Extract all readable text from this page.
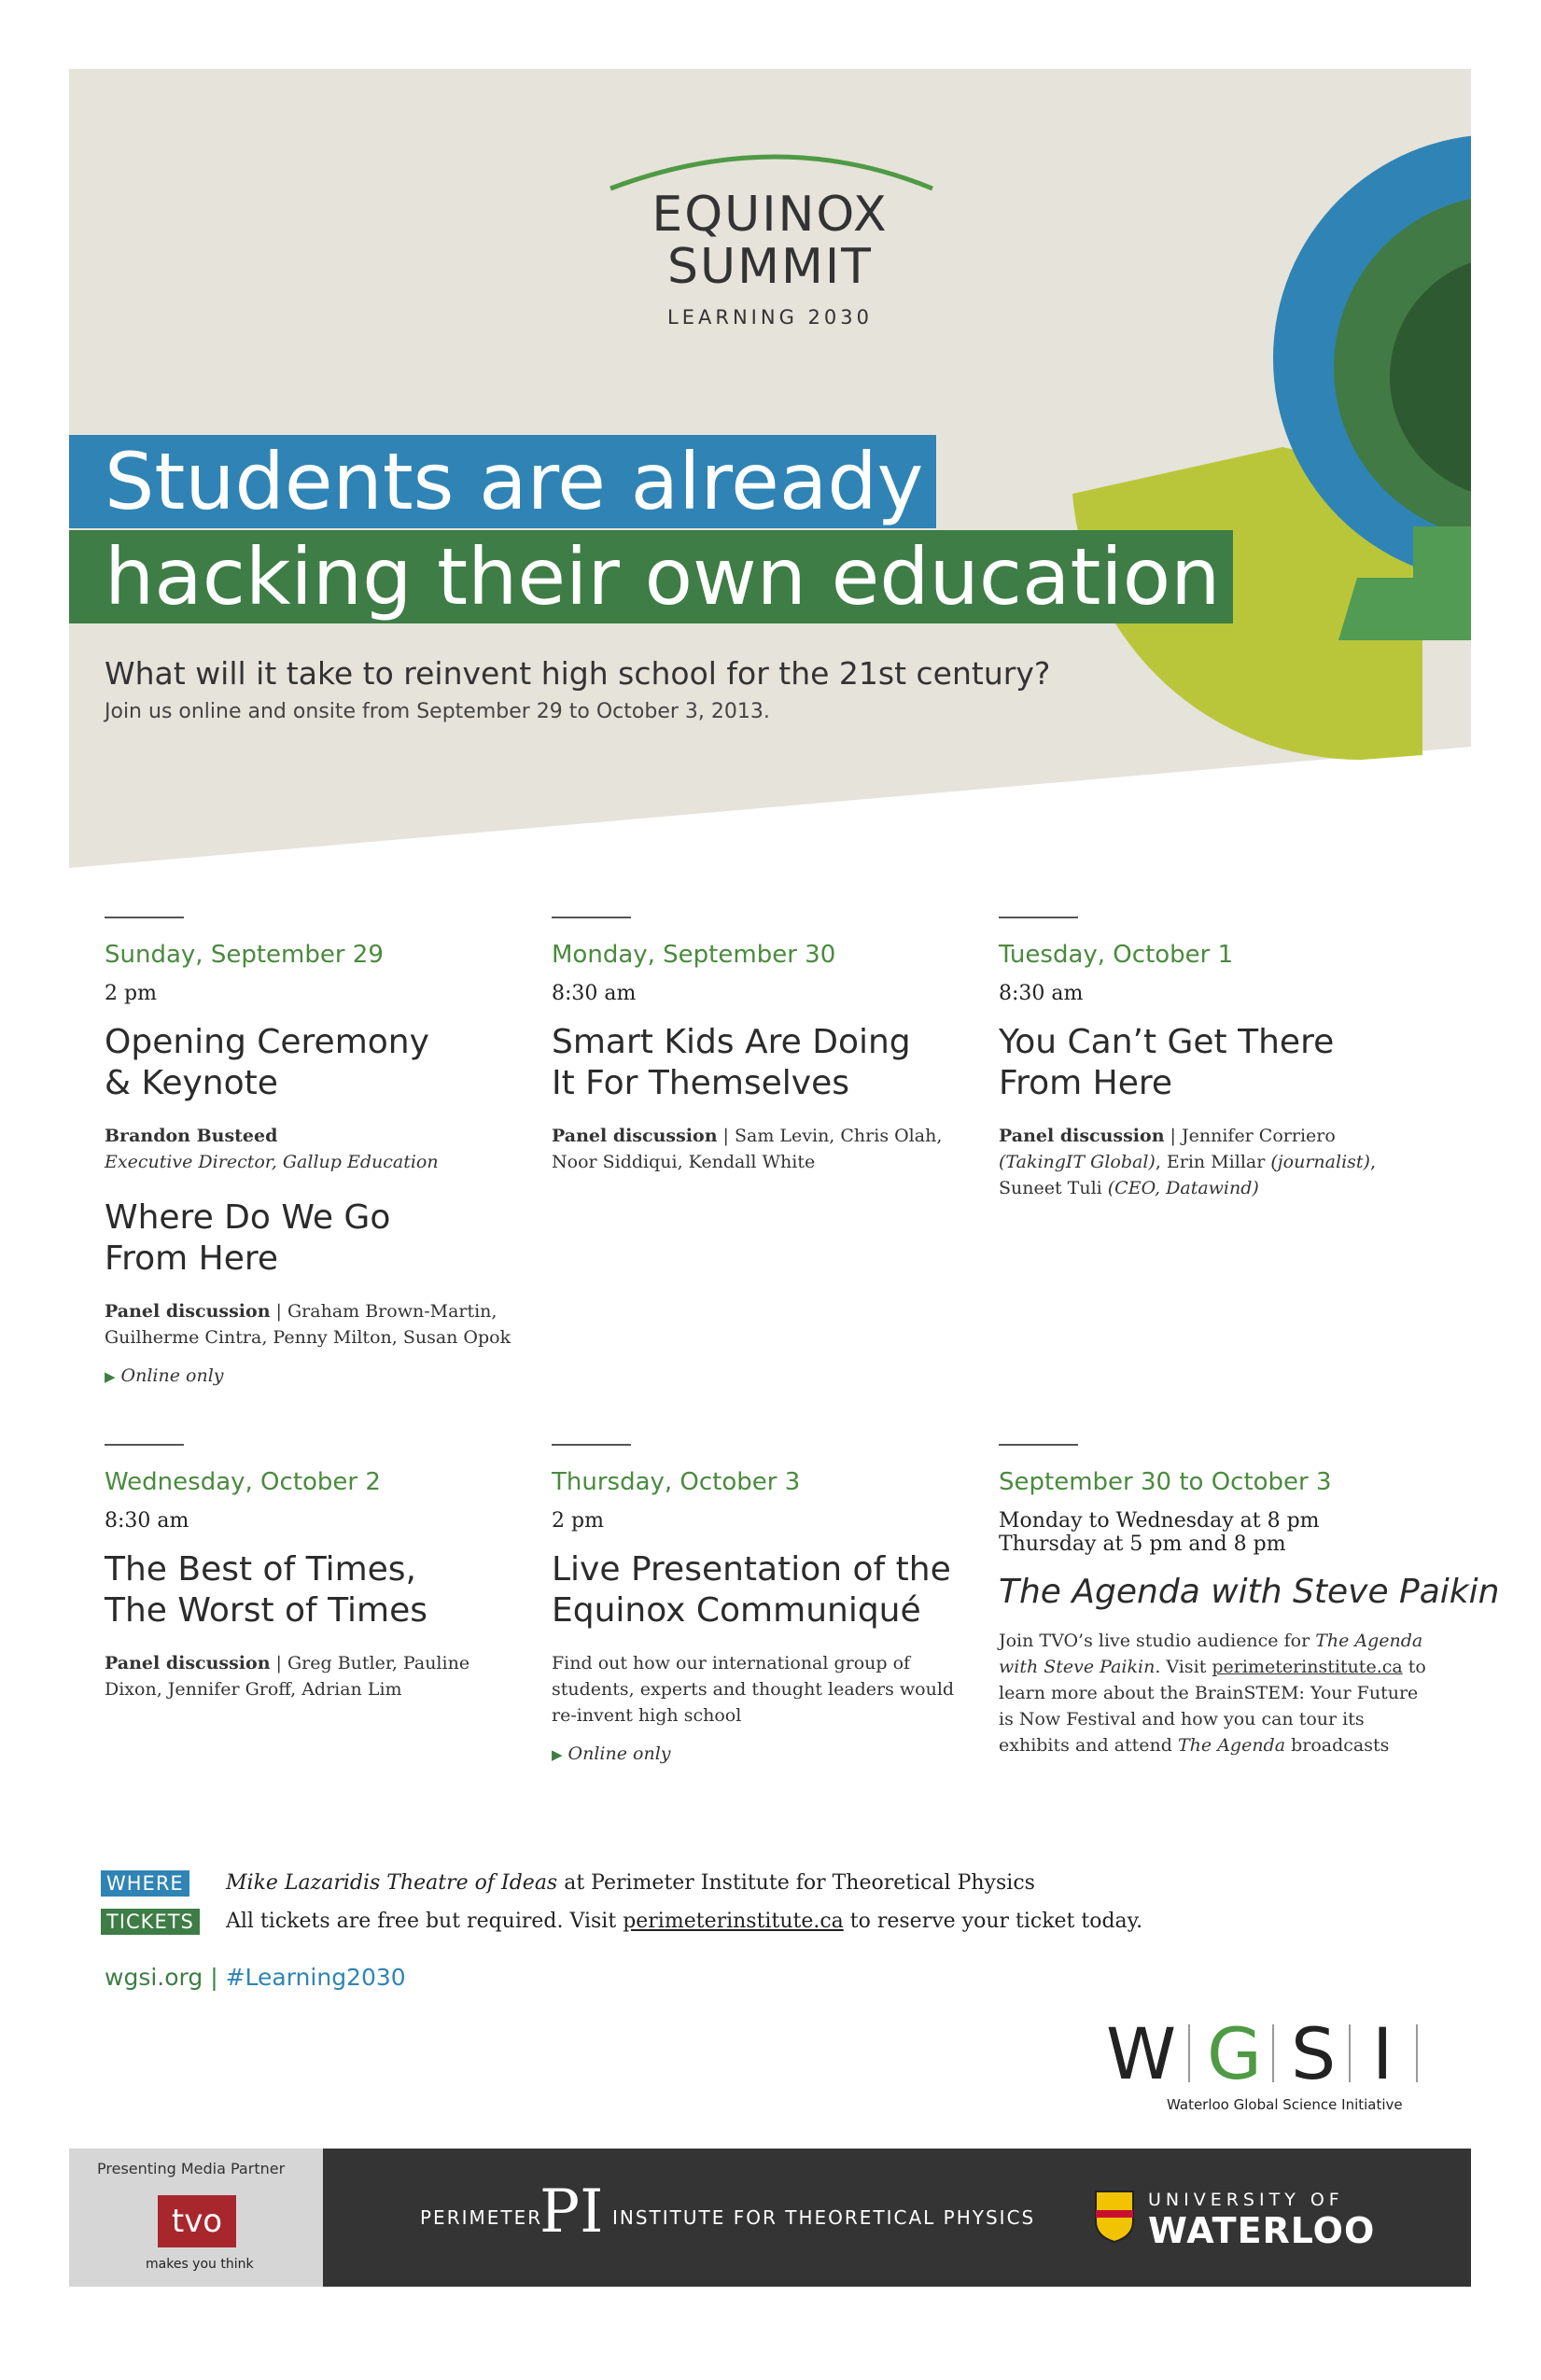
EQUINOX
SUMMIT
LEARNING 2030
Students are already
hacking their own education
What will it take to reinvent high school for the 21st century?
Join us online and onsite from September 29 to October 3, 2013.
Sunday, September 29
2 pm
Opening Ceremony
& Keynote
Brandon Busteed
Executive Director, Gallup Education
Where Do We Go
From Here
Panel discussion | Graham Brown-Martin, Guilherme Cintra, Penny Milton, Susan Opok
▶ Online only
Monday, September 30
8:30 am
Smart Kids Are Doing
It For Themselves
Panel discussion | Sam Levin, Chris Olah, Noor Siddiqui, Kendall White
Tuesday, October 1
8:30 am
You Can’t Get There
From Here
Panel discussion | Jennifer Corriero (TakingIT Global), Erin Millar (journalist), Suneet Tuli (CEO, Datawind)
Wednesday, October 2
8:30 am
The Best of Times,
The Worst of Times
Panel discussion | Greg Butler, Pauline Dixon, Jennifer Groff, Adrian Lim
Thursday, October 3
2 pm
Live Presentation of the
Equinox Communiqué
Find out how our international group of students, experts and thought leaders would re-invent high school
▶ Online only
September 30 to October 3
Monday to Wednesday at 8 pm
Thursday at 5 pm and 8 pm
The Agenda with Steve Paikin
Join TVO’s live studio audience for The Agenda with Steve Paikin. Visit perimeterinstitute.ca to learn more about the BrainSTEM: Your Future is Now Festival and how you can tour its exhibits and attend The Agenda broadcasts
WHERE Mike Lazaridis Theatre of Ideas at Perimeter Institute for Theoretical Physics
TICKETS All tickets are free but required. Visit perimeterinstitute.ca to reserve your ticket today.
wgsi.org | #Learning2030
W G S I
Waterloo Global Science Initiative
Presenting Media Partner
tvo
makes you think
PERIMETER
PI INSTITUTE FOR THEORETICAL PHYSICS
UNIVERSITY OF
WATERLOO
